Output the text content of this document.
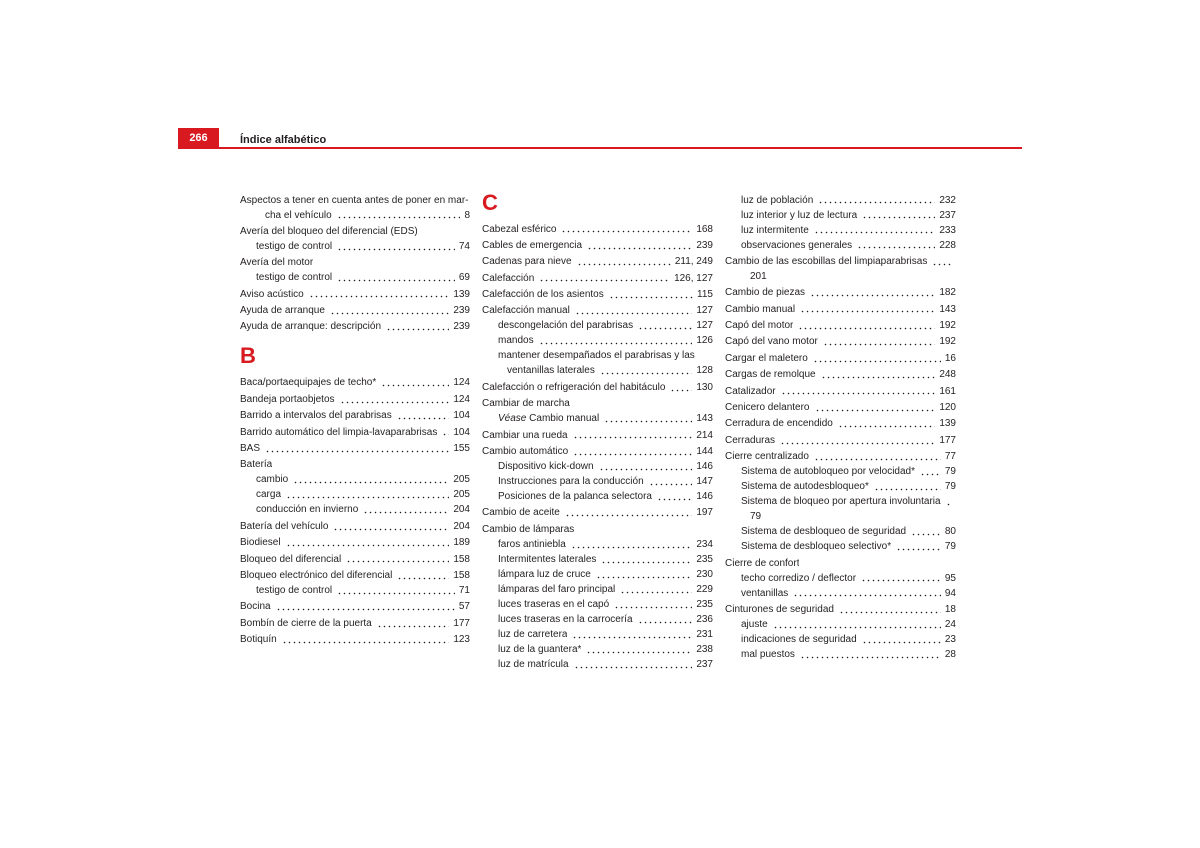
266	Índice alfabético
Aspectos a tener en cuenta antes de poner en mar-
cha el vehículo	8
Avería del bloqueo del diferencial (EDS)
testigo de control	74
Avería del motor
testigo de control	69
Aviso acústico	139
Ayuda de arranque	239
Ayuda de arranque: descripción	239
B
Baca/portaequipajes de techo*	124
Bandeja portaobjetos	124
Barrido a intervalos del parabrisas	104
Barrido automático del limpia-lavaparabrisas 104
BAS	155
Batería
cambio	205
carga	205
conducción en invierno	204
Batería del vehículo	204
Biodiesel	189
Bloqueo del diferencial	158
Bloqueo electrónico del diferencial	158
testigo de control	71
Bocina	57
Bombín de cierre de la puerta	177
Botiquín	123
C
Cabezal esférico	168
Cables de emergencia	239
Cadenas para nieve	211, 249
Calefacción	126, 127
Calefacción de los asientos	115
Calefacción manual	127
descongelación del parabrisas	127
mandos	126
mantener desempañados el parabrisas y las
ventanillas laterales	128
Calefacción o refrigeración del habitáculo	130
Cambiar de marcha
Véase Cambio manual	143
Cambiar una rueda	214
Cambio automático	144
Dispositivo kick-down	146
Instrucciones para la conducción	147
Posiciones de la palanca selectora	146
Cambio de aceite	197
Cambio de lámparas
faros antiniebla	234
Intermitentes laterales	235
lámpara luz de cruce	230
lámparas del faro principal	229
luces traseras en el capó	235
luces traseras en la carrocería	236
luz de carretera	231
luz de la guantera*	238
luz de matrícula	237
luz de población	232
luz interior y luz de lectura	237
luz intermitente	233
observaciones generales	228
Cambio de las escobillas del limpiaparabrisas
201
Cambio de piezas	182
Cambio manual	143
Capó del motor	192
Capó del vano motor	192
Cargar el maletero	16
Cargas de remolque	248
Catalizador	161
Cenicero delantero	120
Cerradura de encendido	139
Cerraduras	177
Cierre centralizado	77
Sistema de autobloqueo por velocidad*	79
Sistema de autodesbloqueo*	79
Sistema de bloqueo por apertura involuntaria
79
Sistema de desbloqueo de seguridad	80
Sistema de desbloqueo selectivo*	79
Cierre de confort
techo corredizo / deflector	95
ventanillas	94
Cinturones de seguridad	18
ajuste	24
indicaciones de seguridad	23
mal puestos	28
